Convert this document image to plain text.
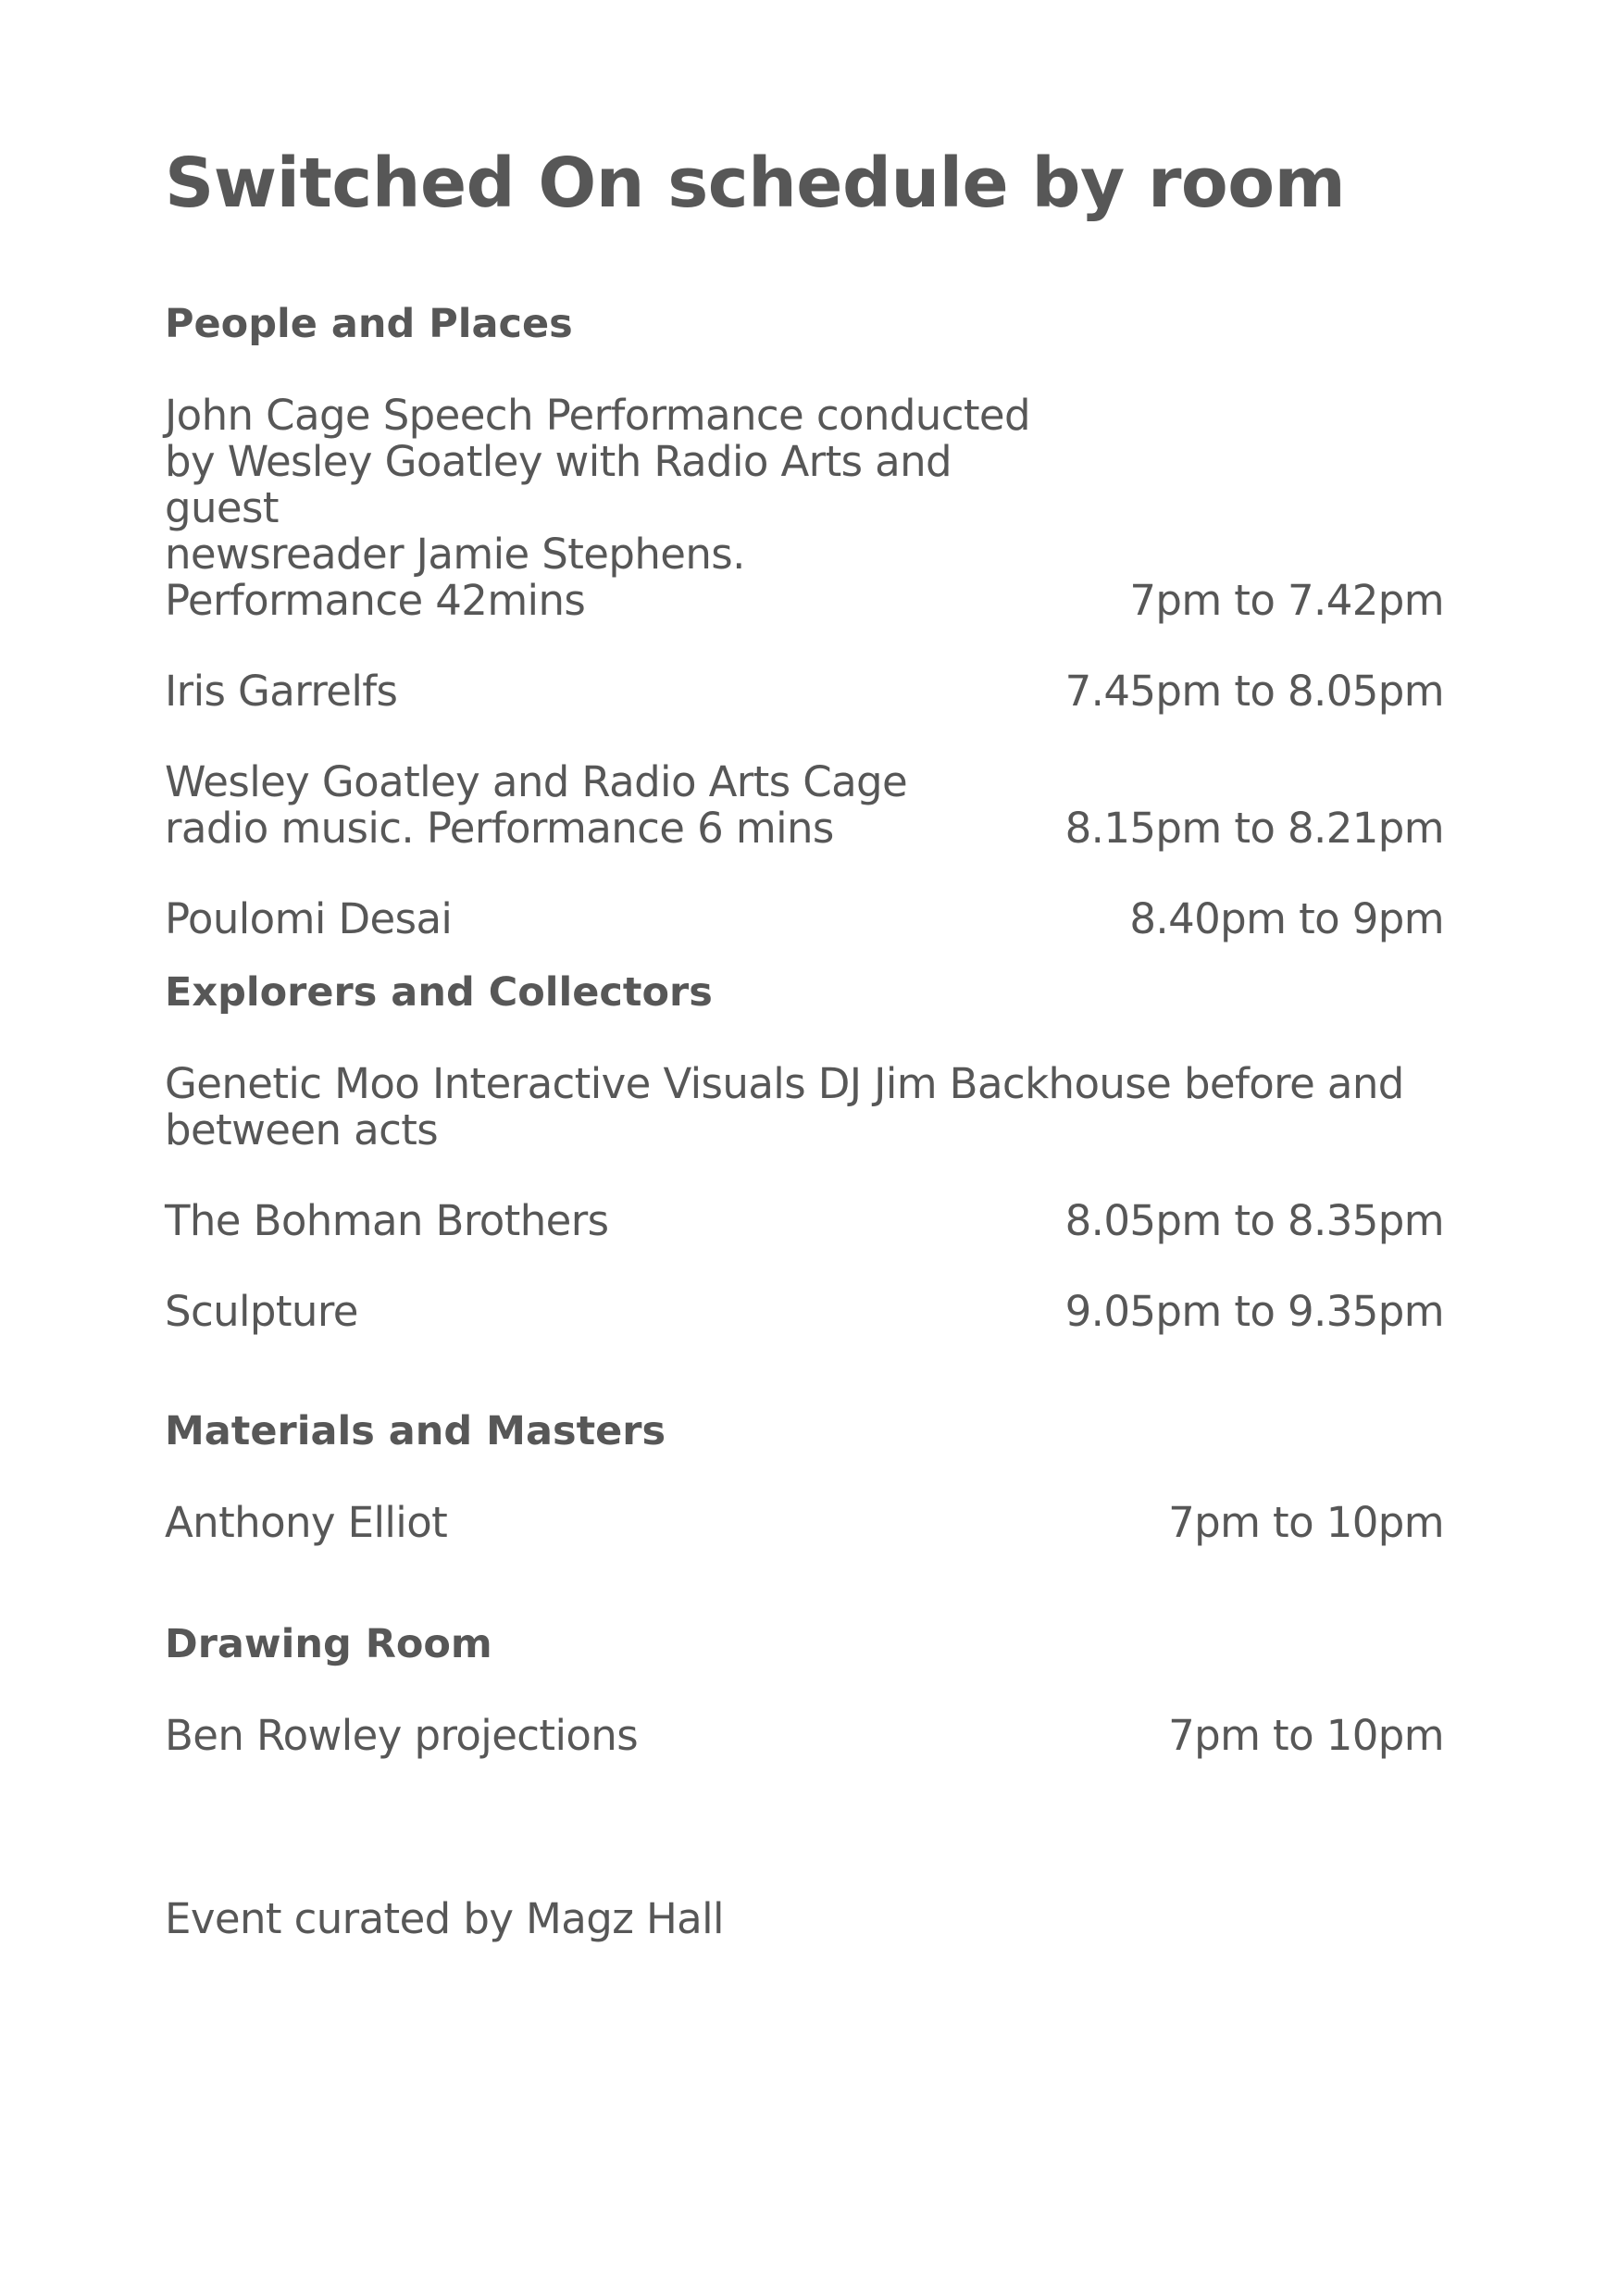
Switched On schedule by room
People and Places
John Cage Speech Performance conducted
by Wesley Goatley with Radio Arts and guest
newsreader Jamie Stephens.
Performance 42mins	7pm to 7.42pm
Iris Garrelfs	7.45pm to 8.05pm
Wesley Goatley and Radio Arts Cage
radio music. Performance 6 mins	8.15pm to 8.21pm
Poulomi Desai	8.40pm to 9pm
Explorers and Collectors
Genetic Moo Interactive Visuals DJ Jim Backhouse before and
between acts
The Bohman Brothers	8.05pm to 8.35pm
Sculpture	9.05pm to 9.35pm
Materials and Masters
Anthony Elliot	7pm to 10pm
Drawing Room
Ben Rowley projections	7pm to 10pm
Event curated by Magz Hall
